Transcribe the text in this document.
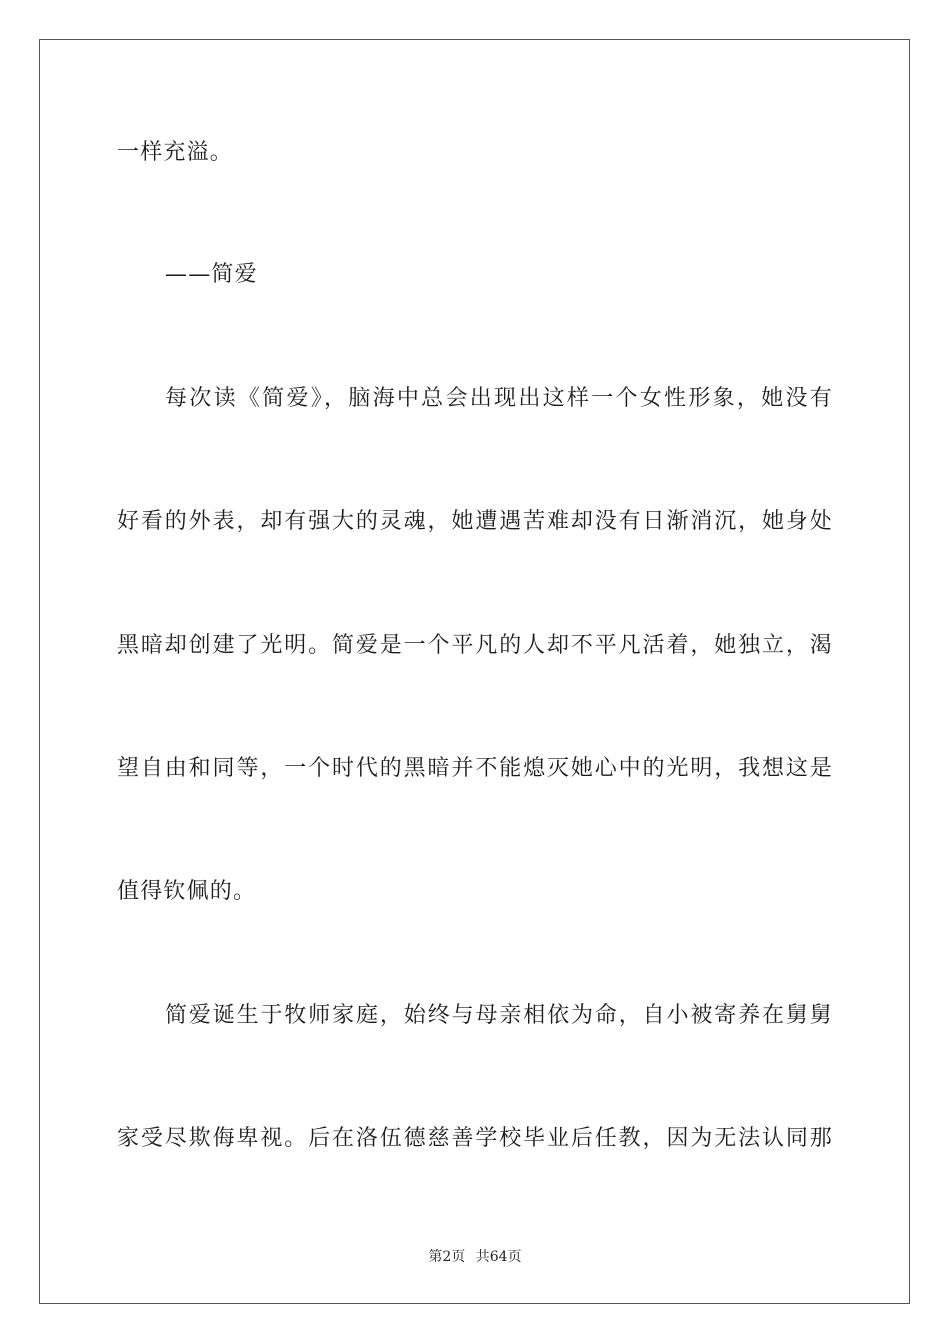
一样充溢。
——简爱
每次读《简爱》，脑海中总会出现出这样一个女性形象，她没有
好看的外表，却有强大的灵魂，她遭遇苦难却没有日渐消沉，她身处
黑暗却创建了光明。简爱是一个平凡的人却不平凡活着，她独立，渴
望自由和同等，一个时代的黑暗并不能熄灭她心中的光明，我想这是
值得钦佩的。
简爱诞生于牧师家庭，始终与母亲相依为命，自小被寄养在舅舅
家受尽欺侮卑视。后在洛伍德慈善学校毕业后任教，因为无法认同那
第2页 共64页
